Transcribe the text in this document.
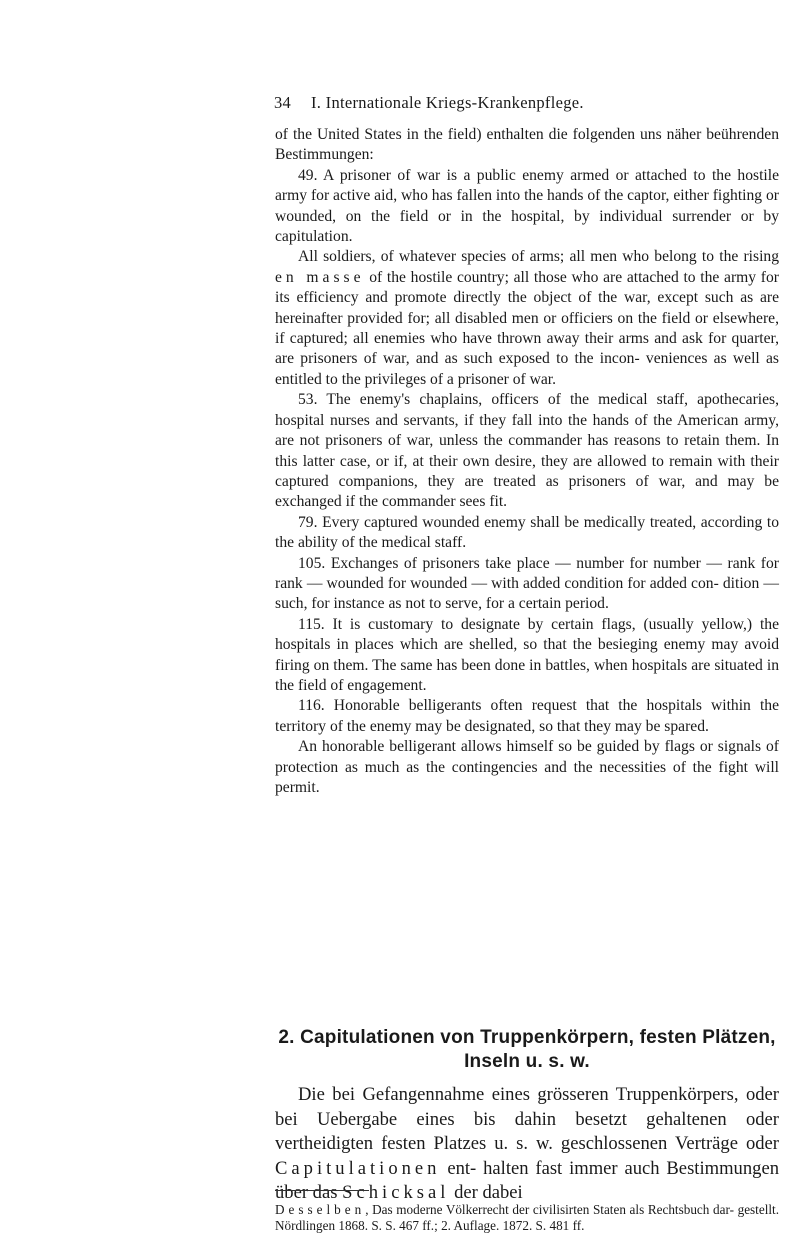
34 I. Internationale Kriegs-Krankenpflege.

of the United States in the field) enthalten die folgenden uns näher beührenden Bestimmungen:

49. A prisoner of war is a public enemy armed or attached to the hostile army for active aid, who has fallen into the hands of the captor, either fighting or wounded, on the field or in the hospital, by individual surrender or by capitulation.

All soldiers, of whatever species of arms; all men who belong to the rising en masse of the hostile country; all those who are attached to the army for its efficiency and promote directly the object of the war, except such as are hereinafter provided for; all disabled men or officiers on the field or elsewhere, if captured; all enemies who have thrown away their arms and ask for quarter, are prisoners of war, and as such exposed to the incon- veniences as well as entitled to the privileges of a prisoner of war.

53. The enemy's chaplains, officers of the medical staff, apothecaries, hospital nurses and servants, if they fall into the hands of the American army, are not prisoners of war, unless the commander has reasons to retain them. In this latter case, or if, at their own desire, they are allowed to remain with their captured companions, they are treated as prisoners of war, and may be exchanged if the commander sees fit.

79. Every captured wounded enemy shall be medically treated, according to the ability of the medical staff.

105. Exchanges of prisoners take place — number for number — rank for rank — wounded for wounded — with added condition for added con- dition — such, for instance as not to serve, for a certain period.

115. It is customary to designate by certain flags, (usually yellow,) the hospitals in places which are shelled, so that the besieging enemy may avoid firing on them. The same has been done in battles, when hospitals are situated in the field of engagement.

116. Honorable belligerants often request that the hospitals within the territory of the enemy may be designated, so that they may be spared.

An honorable belligerant allows himself so be guided by flags or signals of protection as much as the contingencies and the necessities of the fight will permit.

2. Capitulationen von Truppenkörpern, festen Plätzen,
Inseln u. s. w.

Die bei Gefangennahme eines grösseren Truppenkörpers, oder bei Uebergabe eines bis dahin besetzt gehaltenen oder vertheidigten festen Platzes u. s. w. geschlossenen Verträge oder Capitulationen ent- halten fast immer auch Bestimmungen über das Schicksal der dabei

Desselben, Das moderne Völkerrecht der civilisirten Staten als Rechtsbuch dar- gestellt. Nördlingen 1868. S. S. 467 ff.; 2. Auflage. 1872. S. 481 ff.
